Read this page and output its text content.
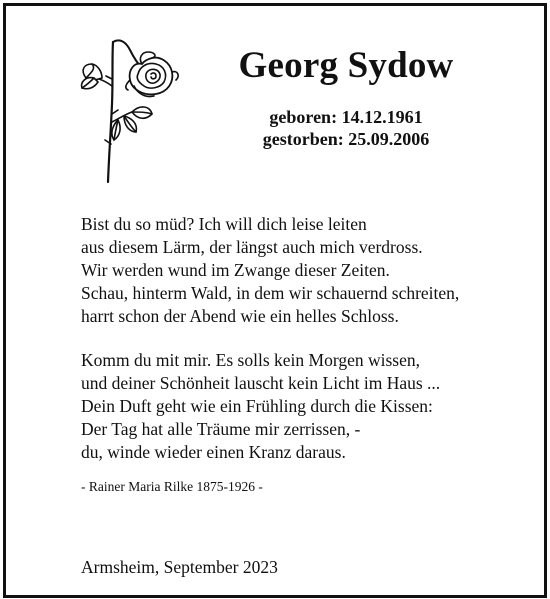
Georg Sydow
geboren: 14.12.1961
gestorben: 25.09.2006
Bist du so müd? Ich will dich leise leiten
aus diesem Lärm, der längst auch mich verdross.
Wir werden wund im Zwange dieser Zeiten.
Schau, hinterm Wald, in dem wir schauernd schreiten,
harrt schon der Abend wie ein helles Schloss.
Komm du mit mir. Es solls kein Morgen wissen,
und deiner Schönheit lauscht kein Licht im Haus ...
Dein Duft geht wie ein Frühling durch die Kissen:
Der Tag hat alle Träume mir zerrissen, -
du, winde wieder einen Kranz daraus.
- Rainer Maria Rilke 1875-1926 -
Armsheim, September 2023
